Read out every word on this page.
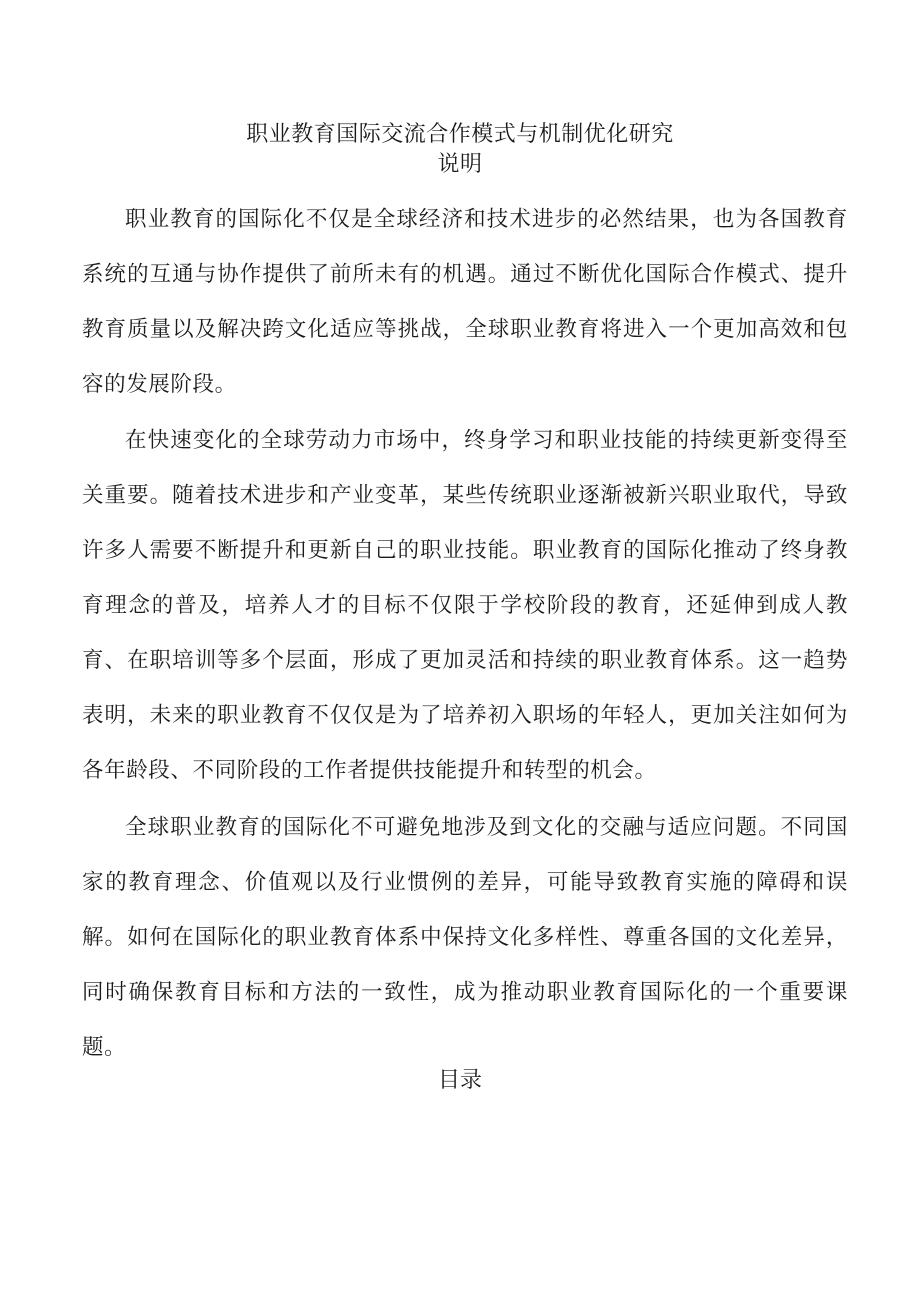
职业教育国际交流合作模式与机制优化研究
说明

职业教育的国际化不仅是全球经济和技术进步的必然结果，也为各国教育系统的互通与协作提供了前所未有的机遇。通过不断优化国际合作模式、提升教育质量以及解决跨文化适应等挑战，全球职业教育将进入一个更加高效和包容的发展阶段。

在快速变化的全球劳动力市场中，终身学习和职业技能的持续更新变得至关重要。随着技术进步和产业变革，某些传统职业逐渐被新兴职业取代，导致许多人需要不断提升和更新自己的职业技能。职业教育的国际化推动了终身教育理念的普及，培养人才的目标不仅限于学校阶段的教育，还延伸到成人教育、在职培训等多个层面，形成了更加灵活和持续的职业教育体系。这一趋势表明，未来的职业教育不仅仅是为了培养初入职场的年轻人，更加关注如何为各年龄段、不同阶段的工作者提供技能提升和转型的机会。

全球职业教育的国际化不可避免地涉及到文化的交融与适应问题。不同国家的教育理念、价值观以及行业惯例的差异，可能导致教育实施的障碍和误解。如何在国际化的职业教育体系中保持文化多样性、尊重各国的文化差异，同时确保教育目标和方法的一致性，成为推动职业教育国际化的一个重要课题。

目录
